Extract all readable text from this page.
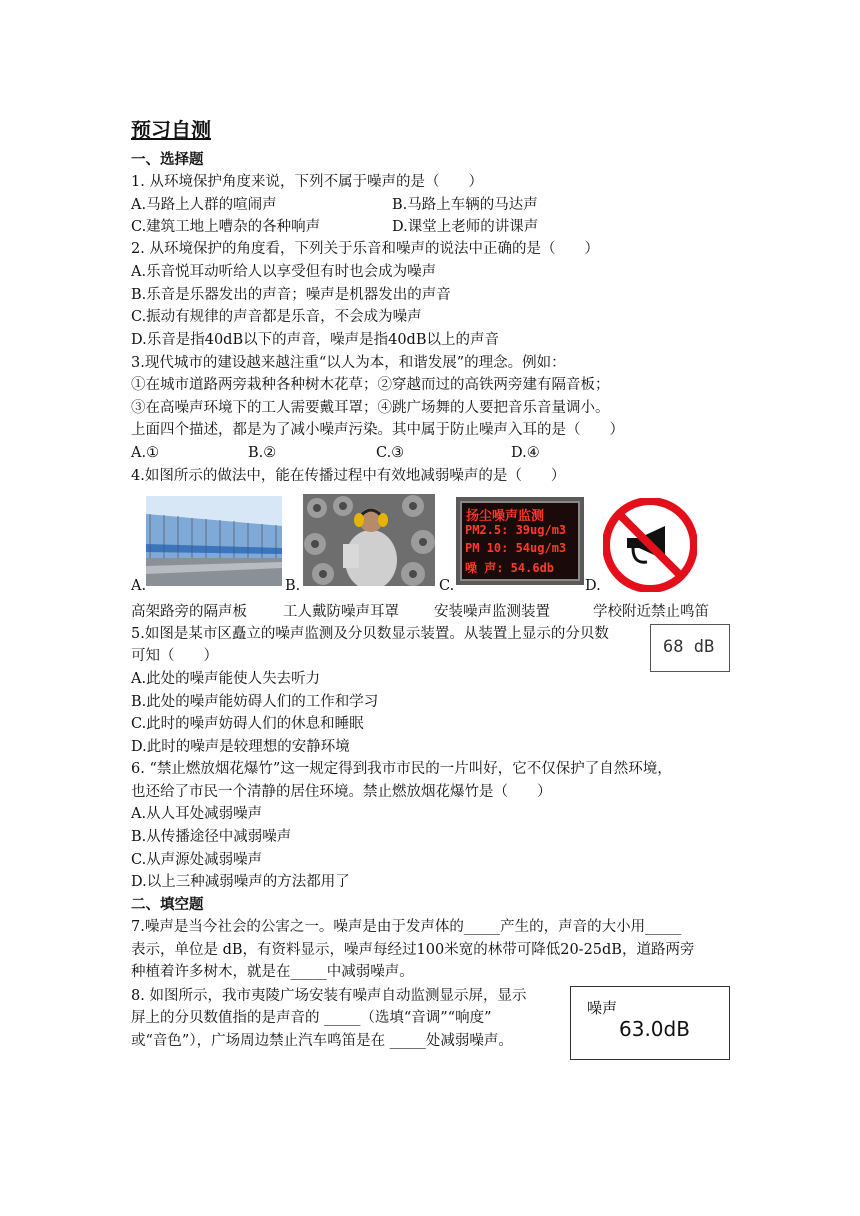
预习自测
一、选择题
1. 从环境保护角度来说，下列不属于噪声的是（　　）
A.马路上人群的喧闹声	B.马路上车辆的马达声
C.建筑工地上嘈杂的各种响声	D.课堂上老师的讲课声
2. 从环境保护的角度看，下列关于乐音和噪声的说法中正确的是（　　）
A.乐音悦耳动听给人以享受但有时也会成为噪声
B.乐音是乐器发出的声音；噪声是机器发出的声音
C.振动有规律的声音都是乐音，不会成为噪声
D.乐音是指40dB以下的声音，噪声是指40dB以上的声音
3.现代城市的建设越来越注重“以人为本，和谐发展”的理念。例如：
①在城市道路两旁栽种各种树木花草；②穿越而过的高铁两旁建有隔音板；
③在高噪声环境下的工人需要戴耳罩；④跳广场舞的人要把音乐音量调小。
上面四个描述，都是为了减小噪声污染。其中属于防止噪声入耳的是（　　）
A.①	B.②	C.③	D.④
4.如图所示的做法中，能在传播过程中有效地减弱噪声的是（　　）
A.	B.
扬尘噪声监测
PM2.5: 39ug/m3
PM 10: 54ug/m3
噪 声: 54.6db
C.	D.
高架路旁的隔声板 工人戴防噪声耳罩 安装噪声监测装置	学校附近禁止鸣笛
5.如图是某市区矗立的噪声监测及分贝数显示装置。从装置上显示的分贝数
可知（　　）	68 dB
A.此处的噪声能使人失去听力
B.此处的噪声能妨碍人们的工作和学习
C.此时的噪声妨碍人们的休息和睡眠
D.此时的噪声是较理想的安静环境
6. “禁止燃放烟花爆竹”这一规定得到我市市民的一片叫好，它不仅保护了自然环境，
也还给了市民一个清静的居住环境。禁止燃放烟花爆竹是（　　）
A.从人耳处减弱噪声
B.从传播途径中减弱噪声
C.从声源处减弱噪声
D.以上三种减弱噪声的方法都用了
二、填空题
7.噪声是当今社会的公害之一。噪声是由于发声体的_____产生的，声音的大小用_____
表示，单位是 dB，有资料显示，噪声每经过100米宽的林带可降低20-25dB，道路两旁
种植着许多树木，就是在_____中减弱噪声。
8. 如图所示，我市夷陵广场安装有噪声自动监测显示屏，显示
屏上的分贝数值指的是声音的 _____（选填“音调”“响度”
或“音色”），广场周边禁止汽车鸣笛是在 _____处减弱噪声。
噪声
63.0dB
